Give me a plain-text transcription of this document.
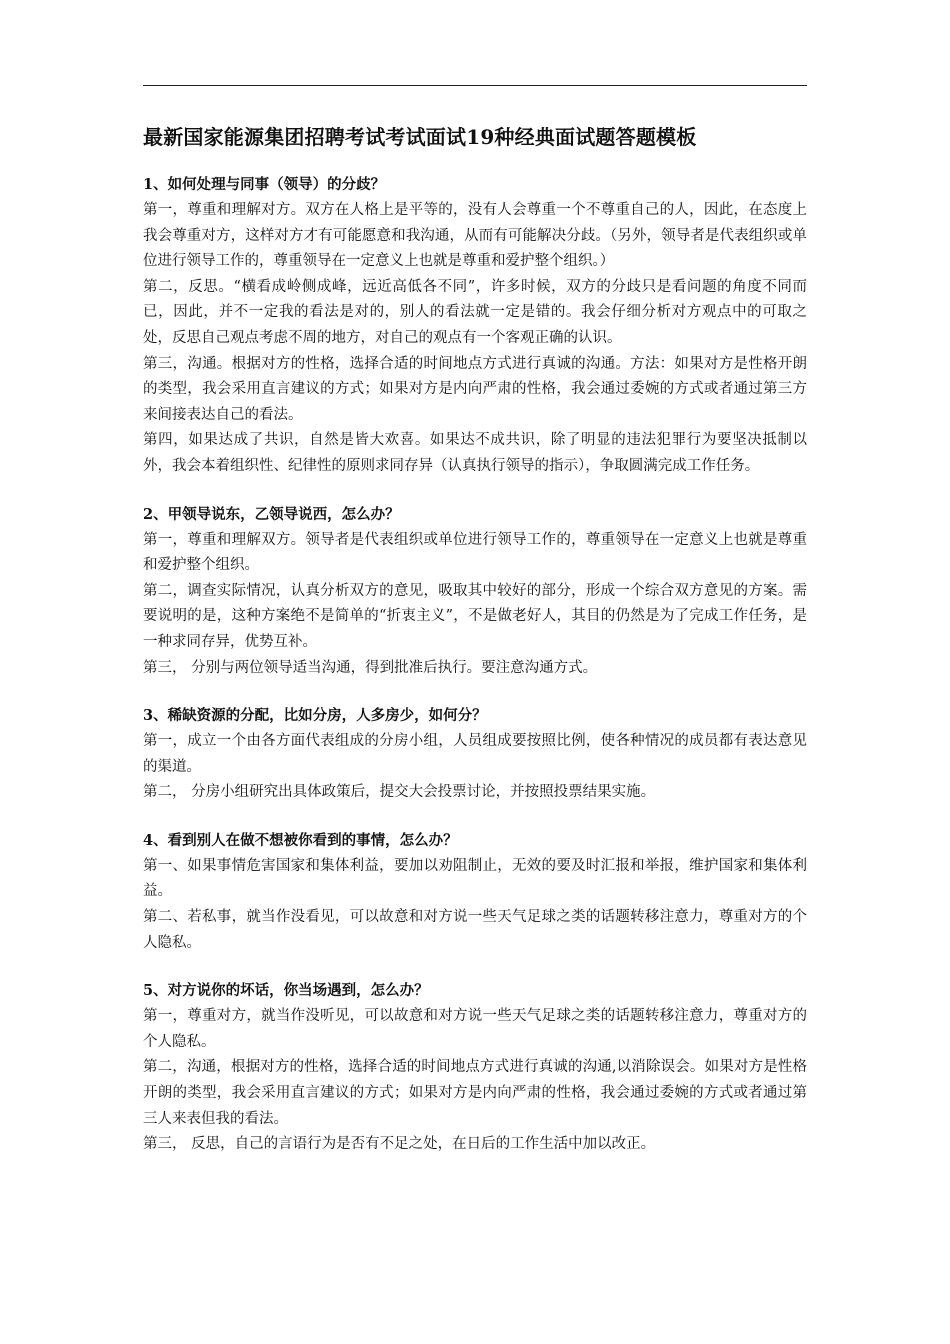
最新国家能源集团招聘考试考试面试19种经典面试题答题模板

1、如何处理与同事（领导）的分歧？

第一，尊重和理解对方。双方在人格上是平等的，没有人会尊重一个不尊重自己的人，因此，在态度上我会尊重对方，这样对方才有可能愿意和我沟通，从而有可能解决分歧。（另外，领导者是代表组织或单位进行领导工作的，尊重领导在一定意义上也就是尊重和爱护整个组织。）

第二，反思。“横看成岭侧成峰，远近高低各不同”，许多时候，双方的分歧只是看问题的角度不同而已，因此，并不一定我的看法是对的，别人的看法就一定是错的。我会仔细分析对方观点中的可取之处，反思自己观点考虑不周的地方，对自己的观点有一个客观正确的认识。

第三，沟通。根据对方的性格，选择合适的时间地点方式进行真诚的沟通。方法：如果对方是性格开朗的类型，我会采用直言建议的方式；如果对方是内向严肃的性格，我会通过委婉的方式或者通过第三方来间接表达自己的看法。

第四，如果达成了共识，自然是皆大欢喜。如果达不成共识，除了明显的违法犯罪行为要坚决抵制以外，我会本着组织性、纪律性的原则求同存异（认真执行领导的指示），争取圆满完成工作任务。

2、甲领导说东，乙领导说西，怎么办？

第一，尊重和理解双方。领导者是代表组织或单位进行领导工作的，尊重领导在一定意义上也就是尊重和爱护整个组织。

第二，调查实际情况，认真分析双方的意见，吸取其中较好的部分，形成一个综合双方意见的方案。需要说明的是，这种方案绝不是简单的“折衷主义”，不是做老好人，其目的仍然是为了完成工作任务，是一种求同存异，优势互补。

第三， 分别与两位领导适当沟通，得到批准后执行。要注意沟通方式。

3、稀缺资源的分配，比如分房，人多房少，如何分？

第一，成立一个由各方面代表组成的分房小组，人员组成要按照比例，使各种情况的成员都有表达意见的渠道。

第二， 分房小组研究出具体政策后，提交大会投票讨论，并按照投票结果实施。

4、看到别人在做不想被你看到的事情，怎么办？

第一、如果事情危害国家和集体利益，要加以劝阻制止，无效的要及时汇报和举报，维护国家和集体利益。

第二、若私事，就当作没看见，可以故意和对方说一些天气足球之类的话题转移注意力，尊重对方的个人隐私。

5、对方说你的坏话，你当场遇到，怎么办？

第一，尊重对方，就当作没听见，可以故意和对方说一些天气足球之类的话题转移注意力，尊重对方的个人隐私。

第二，沟通，根据对方的性格，选择合适的时间地点方式进行真诚的沟通,以消除误会。如果对方是性格开朗的类型，我会采用直言建议的方式；如果对方是内向严肃的性格，我会通过委婉的方式或者通过第三人来表但我的看法。

第三， 反思，自己的言语行为是否有不足之处，在日后的工作生活中加以改正。
